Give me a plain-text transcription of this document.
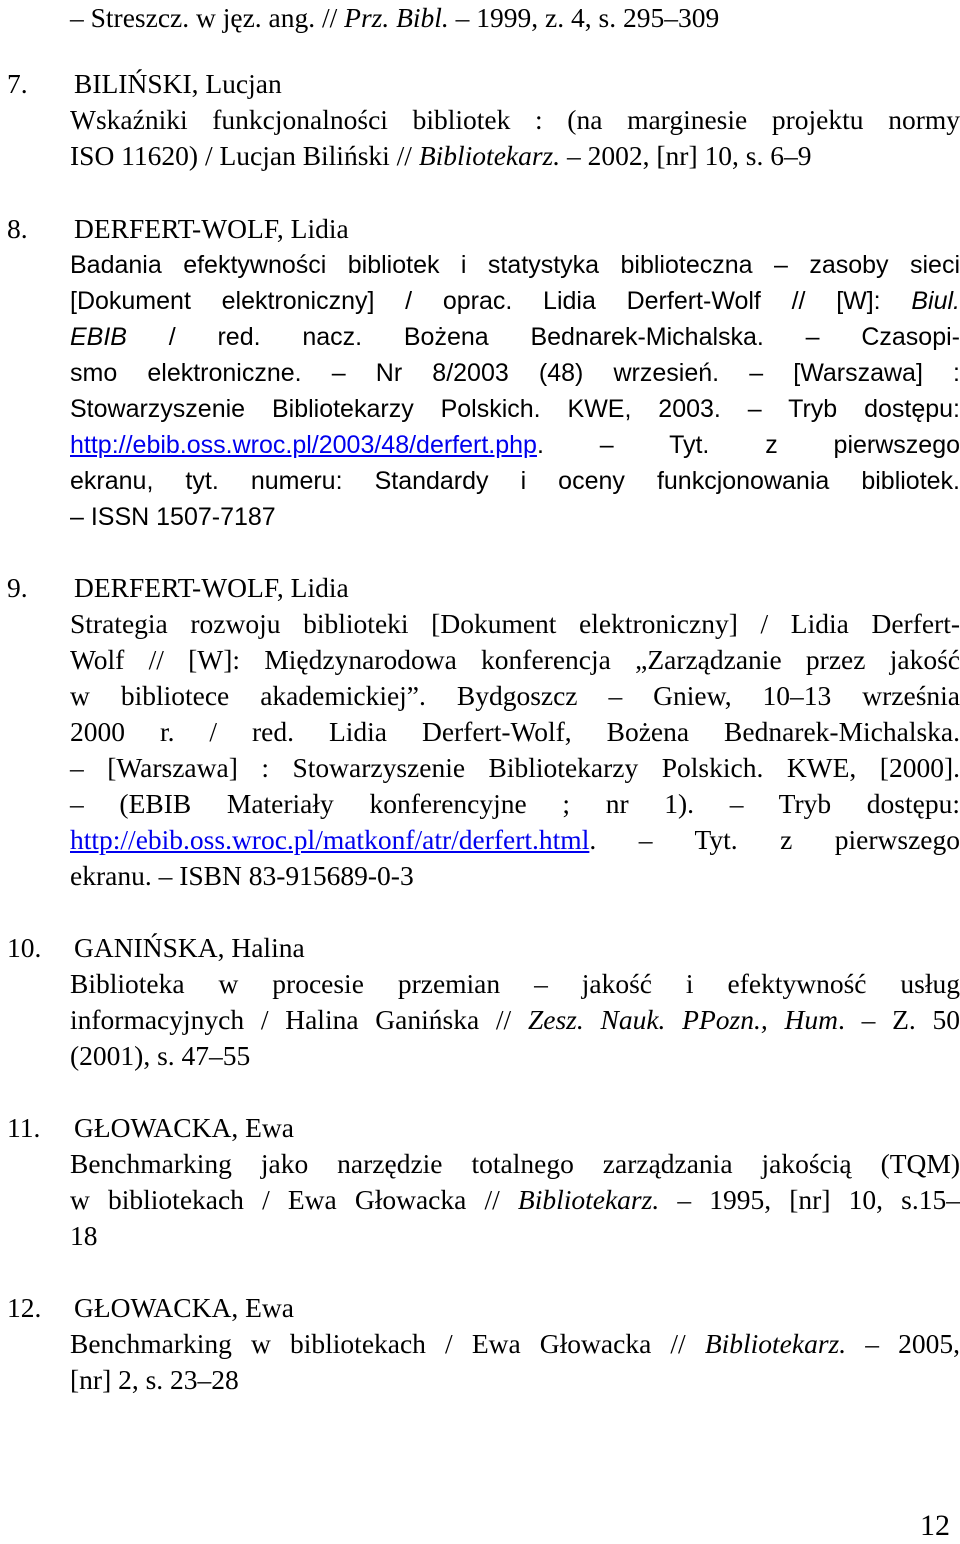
– Streszcz. w jęz. ang. // Prz. Bibl. – 1999, z. 4, s. 295–309
7.	BILIŃSKI, Lucjan
Wskaźniki funkcjonalności bibliotek : (na marginesie projektu normy
ISO 11620) / Lucjan Biliński // Bibliotekarz. – 2002, [nr] 10, s. 6–9
8.	DERFERT-WOLF, Lidia
Badania efektywności bibliotek i statystyka biblioteczna – zasoby sieci
[Dokument elektroniczny] / oprac. Lidia Derfert-Wolf // [W]: Biul.
EBIB / red. nacz. Bożena Bednarek-Michalska. – Czasopi-
smo elektroniczne. – Nr 8/2003 (48) wrzesień. – [Warszawa] :
Stowarzyszenie Bibliotekarzy Polskich. KWE, 2003. – Tryb dostępu:
http://ebib.oss.wroc.pl/2003/48/derfert.php. – Tyt. z pierwszego
ekranu, tyt. numeru: Standardy i oceny funkcjonowania bibliotek.
– ISSN 1507-7187
9.	DERFERT-WOLF, Lidia
Strategia rozwoju biblioteki [Dokument elektroniczny] / Lidia Derfert-
Wolf // [W]: Międzynarodowa konferencja „Zarządzanie przez jakość
w bibliotece akademickiej”. Bydgoszcz – Gniew, 10–13 września
2000 r. / red. Lidia Derfert-Wolf, Bożena Bednarek-Michalska.
– [Warszawa] : Stowarzyszenie Bibliotekarzy Polskich. KWE, [2000].
– (EBIB Materiały konferencyjne ; nr 1). – Tryb dostępu:
http://ebib.oss.wroc.pl/matkonf/atr/derfert.html. – Tyt. z pierwszego
ekranu. – ISBN 83-915689-0-3
10.	GANIŃSKA, Halina
Biblioteka w procesie przemian – jakość i efektywność usług
informacyjnych / Halina Ganińska // Zesz. Nauk. PPozn., Hum. – Z. 50
(2001), s. 47–55
11.	GŁOWACKA, Ewa
Benchmarking jako narzędzie totalnego zarządzania jakością (TQM)
w bibliotekach / Ewa Głowacka // Bibliotekarz. – 1995, [nr] 10, s.15–
18
12.	GŁOWACKA, Ewa
Benchmarking w bibliotekach / Ewa Głowacka // Bibliotekarz. – 2005,
[nr] 2, s. 23–28
12
